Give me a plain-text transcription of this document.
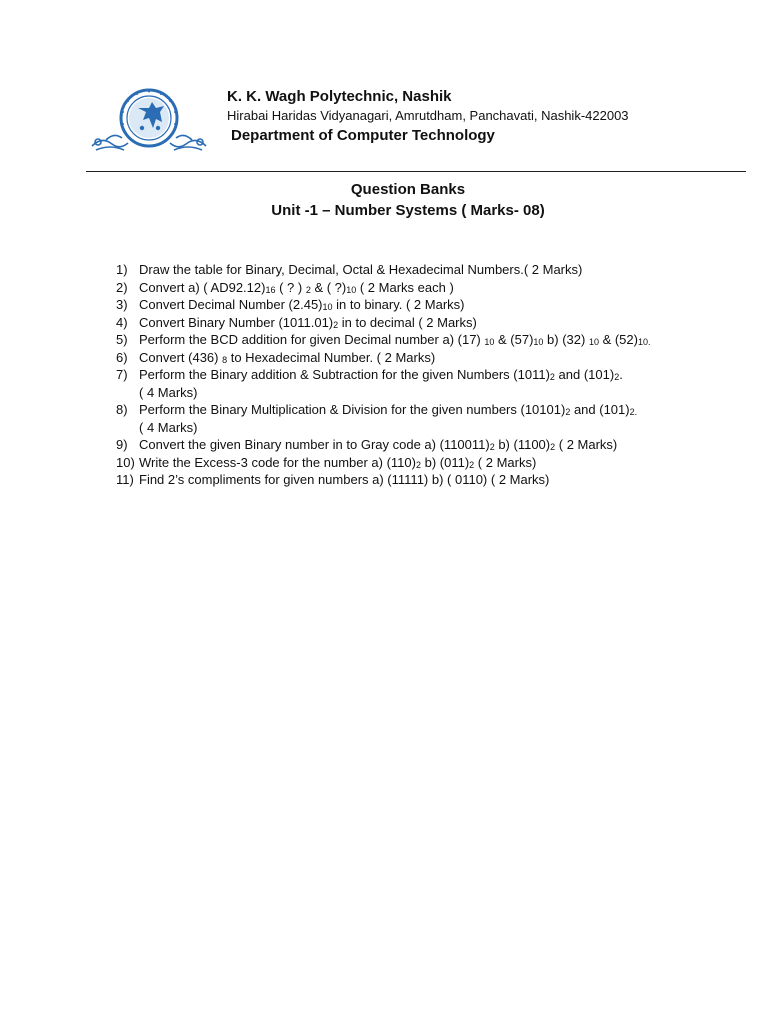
K. K. Wagh Polytechnic, Nashik
Hirabai Haridas Vidyanagari, Amrutdham, Panchavati, Nashik-422003
Department of Computer Technology
Question Banks
Unit -1 – Number Systems ( Marks- 08)
1) Draw the table for Binary, Decimal, Octal & Hexadecimal Numbers.( 2 Marks)
2) Convert a) ( $AD92.12)_{16}$ ( ? ) $_2$ & ( $?)_{10}$ ( 2 Marks each )
3) Convert Decimal Number $(2.45)_{10}$ in to binary. ( 2 Marks)
4) Convert Binary Number $(1011.01)_2$ in to decimal ( 2 Marks)
5) Perform the BCD addition for given Decimal number a) (17) $_{10}$ & $(57)_{10}$ b) (32) $_{10}$ & $(52)_{10.}$
6) Convert (436) $_8$ to Hexadecimal Number. ( 2 Marks)
7) Perform the Binary addition & Subtraction for the given Numbers $(1011)_2$ and $(101)_2$.
( 4 Marks)
8) Perform the Binary Multiplication & Division for the given numbers $(10101)_2$ and $(101)_{2.}$
( 4 Marks)
9) Convert the given Binary number in to Gray code a) $(110011)_2$ b) $(1100)_2$ ( 2 Marks)
10) Write the Excess-3 code for the number a) $(110)_2$ b) $(011)_2$ ( 2 Marks)
11) Find 2’s compliments for given numbers a) (11111) b) ( 0110) ( 2 Marks)
